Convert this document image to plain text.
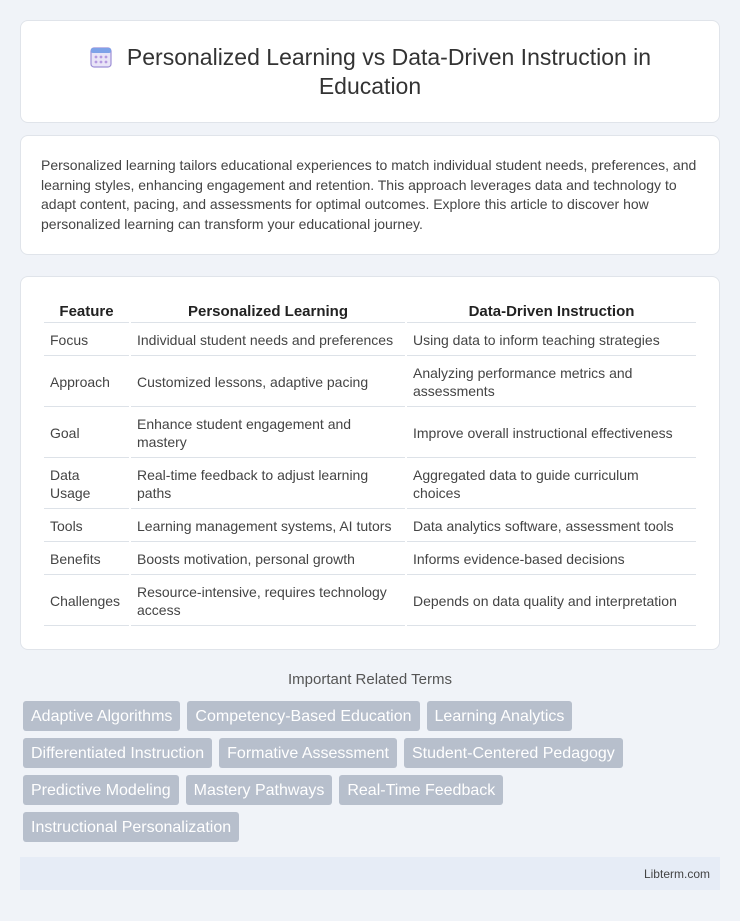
Personalized Learning vs Data-Driven Instruction in Education
Personalized learning tailors educational experiences to match individual student needs, preferences, and learning styles, enhancing engagement and retention. This approach leverages data and technology to adapt content, pacing, and assessments for optimal outcomes. Explore this article to discover how personalized learning can transform your educational journey.
Feature	Personalized Learning	Data-Driven Instruction
Focus	Individual student needs and preferences	Using data to inform teaching strategies
Approach	Customized lessons, adaptive pacing	Analyzing performance metrics and assessments
Goal	Enhance student engagement and mastery	Improve overall instructional effectiveness
Data Usage	Real-time feedback to adjust learning paths	Aggregated data to guide curriculum choices
Tools	Learning management systems, AI tutors	Data analytics software, assessment tools
Benefits	Boosts motivation, personal growth	Informs evidence-based decisions
Challenges	Resource-intensive, requires technology access	Depends on data quality and interpretation
Important Related Terms
Adaptive Algorithms	Competency-Based Education	Learning Analytics
Differentiated Instruction	Formative Assessment	Student-Centered Pedagogy
Predictive Modeling	Mastery Pathways	Real-Time Feedback
Instructional Personalization
Libterm.com
